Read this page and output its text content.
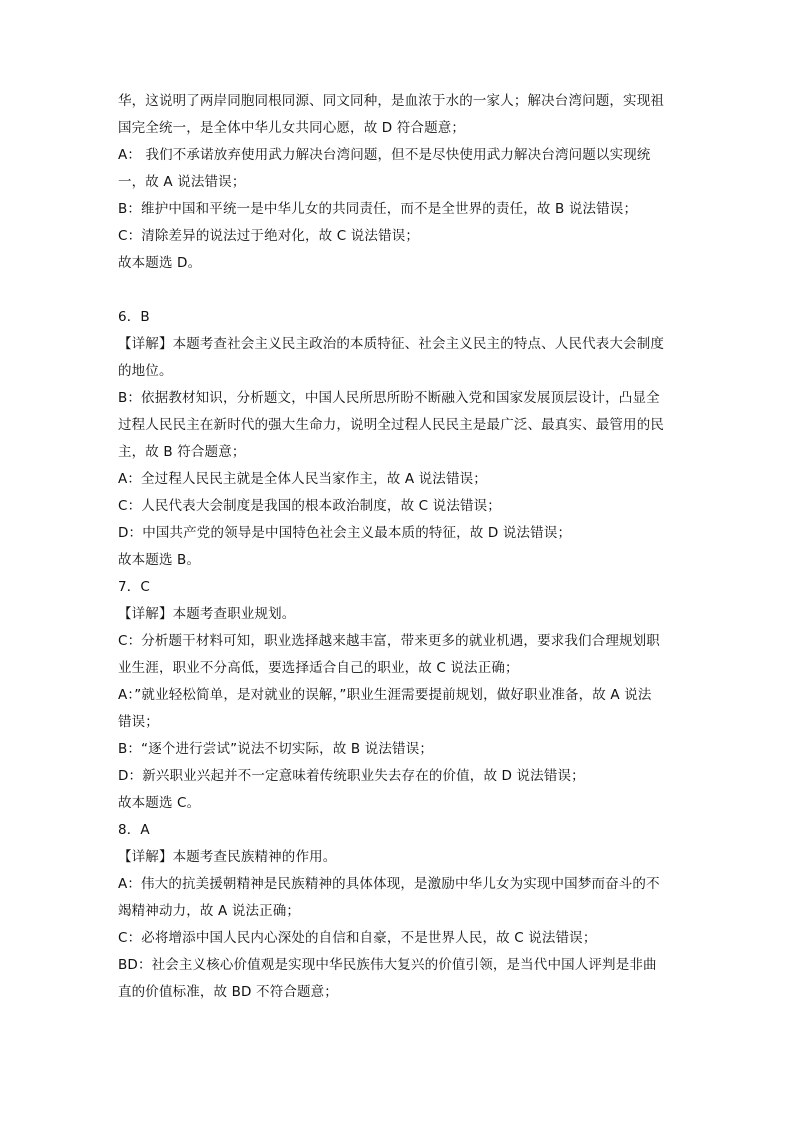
华，这说明了两岸同胞同根同源、同文同种，是血浓于水的一家人；解决台湾问题，实现祖
国完全统一，是全体中华儿女共同心愿，故 D 符合题意；
A： 我们不承诺放弃使用武力解决台湾问题，但不是尽快使用武力解决台湾问题以实现统
一，故 A 说法错误；
B：维护中国和平统一是中华儿女的共同责任，而不是全世界的责任，故 B 说法错误；
C：清除差异的说法过于绝对化，故 C 说法错误；
故本题选 D。
6．B
【详解】本题考查社会主义民主政治的本质特征、社会主义民主的特点、人民代表大会制度
的地位。
B：依据教材知识，分析题文，中国人民所思所盼不断融入党和国家发展顶层设计，凸显全
过程人民民主在新时代的强大生命力，说明全过程人民民主是最广泛、最真实、最管用的民
主，故 B 符合题意；
A：全过程人民民主就是全体人民当家作主，故 A 说法错误；
C：人民代表大会制度是我国的根本政治制度，故 C 说法错误；
D：中国共产党的领导是中国特色社会主义最本质的特征，故 D 说法错误；
故本题选 B。
7．C
【详解】本题考查职业规划。
C：分析题干材料可知，职业选择越来越丰富，带来更多的就业机遇，要求我们合理规划职
业生涯，职业不分高低，要选择适合自己的职业，故 C 说法正确；
A：”就业轻松简单，是对就业的误解，”职业生涯需要提前规划，做好职业准备，故 A 说法
错误；
B：“逐个进行尝试”说法不切实际，故 B 说法错误；
D：新兴职业兴起并不一定意味着传统职业失去存在的价值，故 D 说法错误；
故本题选 C。
8．A
【详解】本题考查民族精神的作用。
A：伟大的抗美援朝精神是民族精神的具体体现，是激励中华儿女为实现中国梦而奋斗的不
竭精神动力，故 A 说法正确；
C：必将增添中国人民内心深处的自信和自豪，不是世界人民，故 C 说法错误；
BD：社会主义核心价值观是实现中华民族伟大复兴的价值引领，是当代中国人评判是非曲
直的价值标准，故 BD 不符合题意；
